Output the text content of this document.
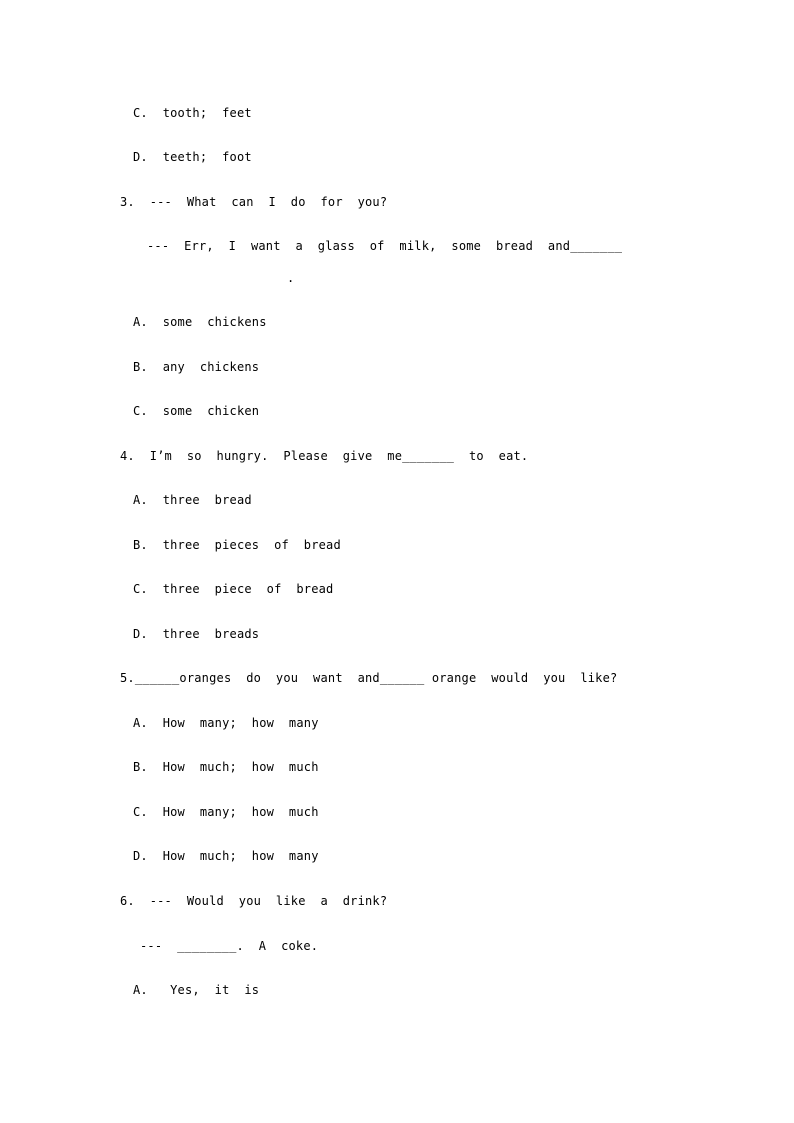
C.  tooth;  feet
D.  teeth;  foot
3.  ---  What  can  I  do  for  you?
---  Err,  I  want  a  glass  of  milk,  some  bread  and_______
.
A.  some  chickens
B.  any  chickens
C.  some  chicken
4.  I’m  so  hungry.  Please  give  me_______  to  eat.
A.  three  bread
B.  three  pieces  of  bread
C.  three  piece  of  bread
D.  three  breads
5.______oranges  do  you  want  and______ orange  would  you  like?
A.  How  many;  how  many
B.  How  much;  how  much
C.  How  many;  how  much
D.  How  much;  how  many
6.  ---  Would  you  like  a  drink?
---  ________.  A  coke.
A.   Yes,  it  is
